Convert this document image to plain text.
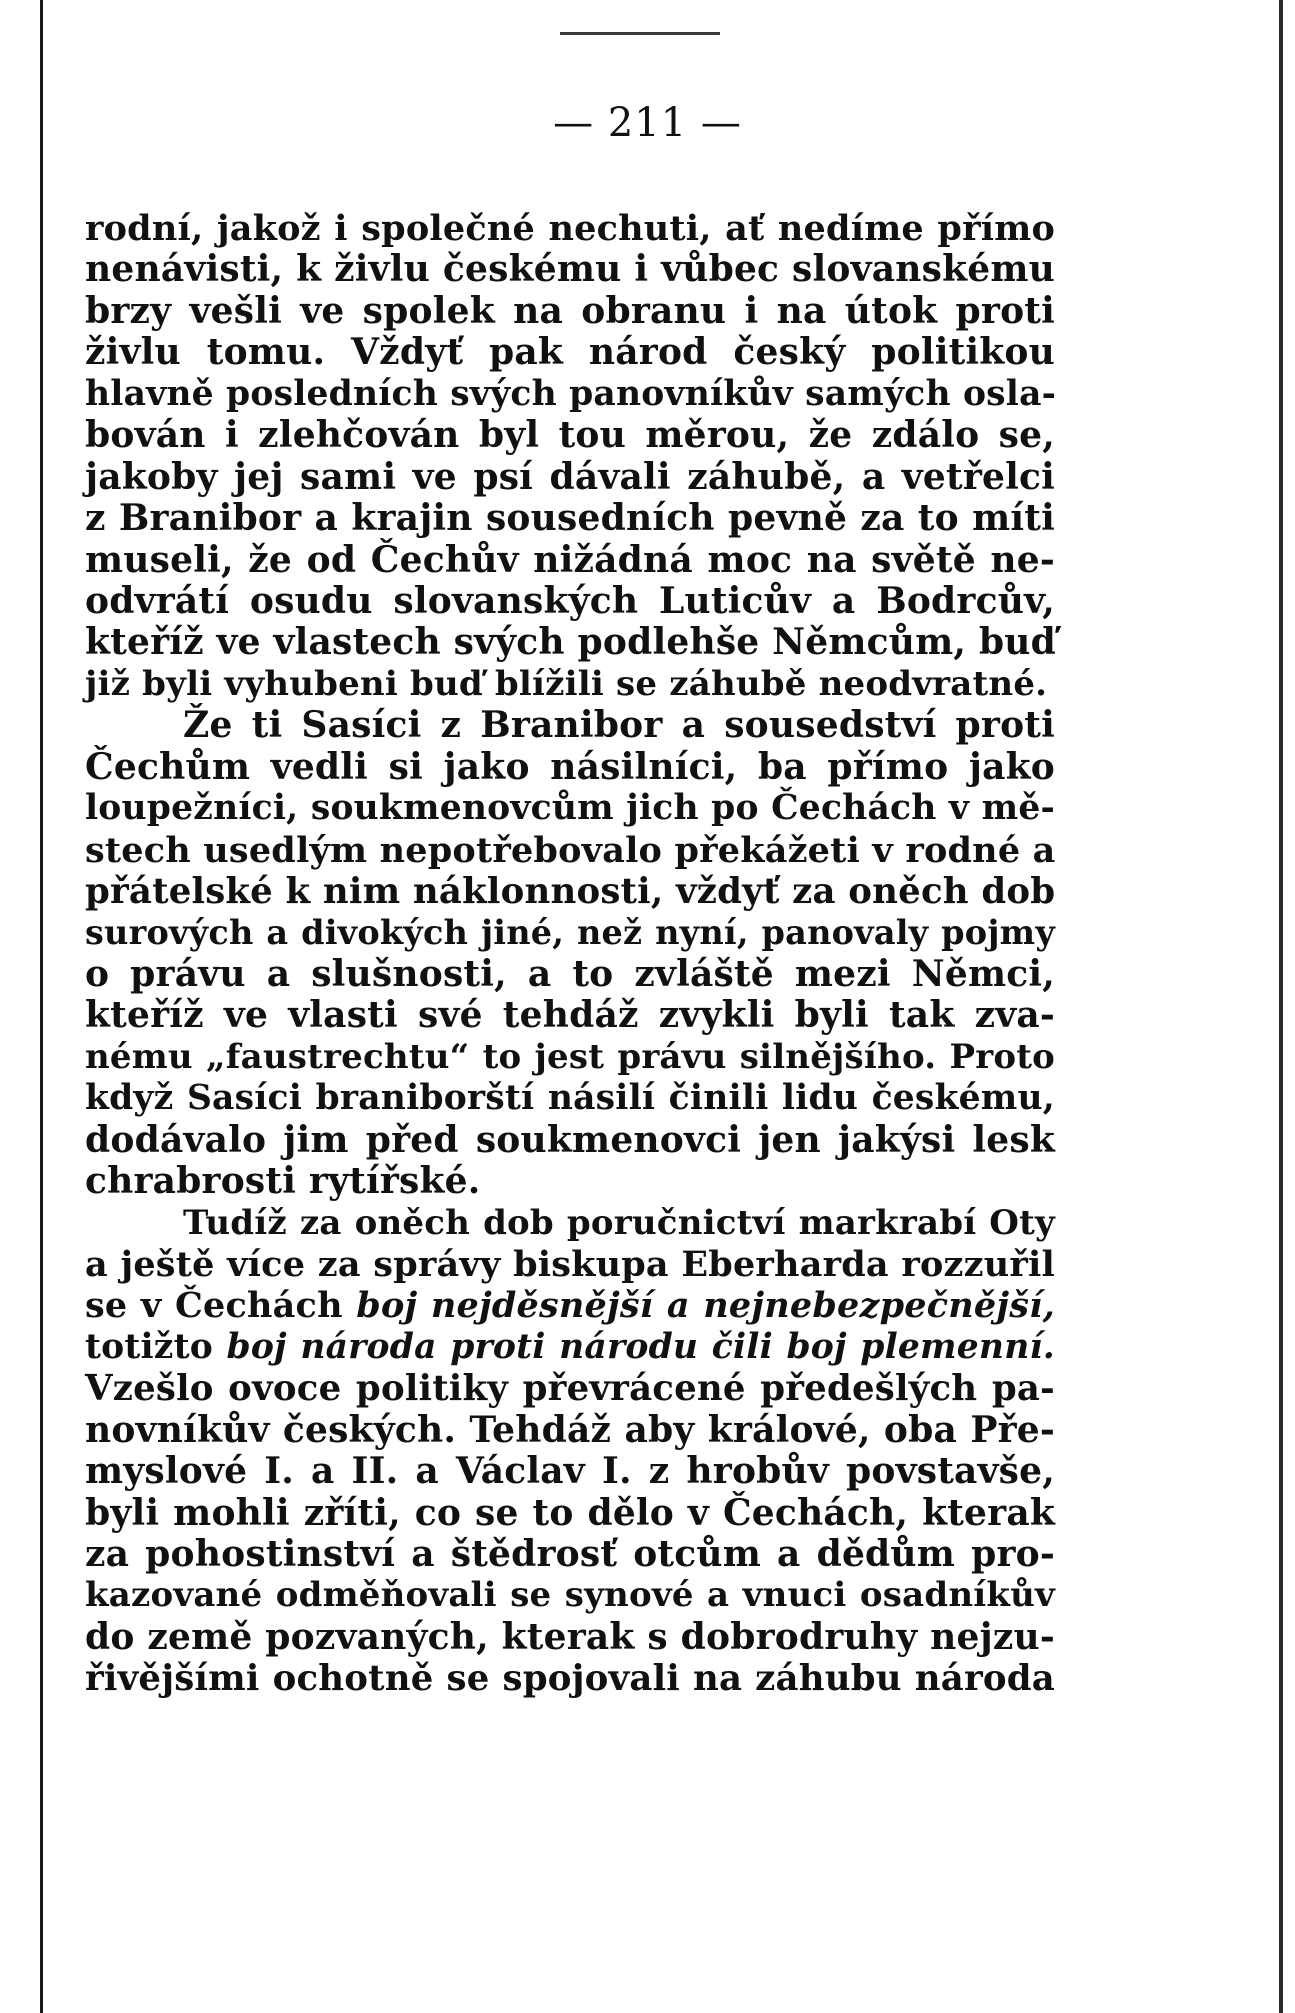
— 211 —
rodní, jakož i společné nechuti, ať nedíme přímo
nenávisti, k živlu českému i vůbec slovanskému
brzy vešli ve spolek na obranu i na útok proti
živlu tomu. Vždyť pak národ český politikou
hlavně posledních svých panovníkův samých osla-
bován i zlehčován byl tou měrou, že zdálo se,
jakoby jej sami ve psí dávali záhubě, a vetřelci
z Branibor a krajin sousedních pevně za to míti
museli, že od Čechův nižádná moc na světě ne-
odvrátí osudu slovanských Luticův a Bodrcův,
kteříž ve vlastech svých podlehše Němcům, buď
již byli vyhubeni buď blížili se záhubě neodvratné.
Že ti Sasíci z Branibor a sousedství proti
Čechům vedli si jako násilníci, ba přímo jako
loupežníci, soukmenovcům jich po Čechách v mě-
stech usedlým nepotřebovalo překážeti v rodné a
přátelské k nim náklonnosti, vždyť za oněch dob
surových a divokých jiné, než nyní, panovaly pojmy
o právu a slušnosti, a to zvláště mezi Němci,
kteříž ve vlasti své tehdáž zvykli byli tak zva-
nému „faustrechtu“ to jest právu silnějšího. Proto
když Sasíci braniborští násilí činili lidu českému,
dodávalo jim před soukmenovci jen jakýsi lesk
chrabrosti rytířské.
Tudíž za oněch dob poručnictví markrabí Oty
a ještě více za správy biskupa Eberharda rozzuřil
se v Čechách boj nejděsnější a nejnebezpečnější,
totižto boj národa proti národu čili boj plemenní.
Vzešlo ovoce politiky převrácené předešlých pa-
novníkův českých. Tehdáž aby králové, oba Pře-
myslové I. a II. a Václav I. z hrobův povstavše,
byli mohli zříti, co se to dělo v Čechách, kterak
za pohostinství a štědrosť otcům a dědům pro-
kazované odměňovali se synové a vnuci osadníkův
do země pozvaných, kterak s dobrodruhy nejzu-
řivějšími ochotně se spojovali na záhubu národa
